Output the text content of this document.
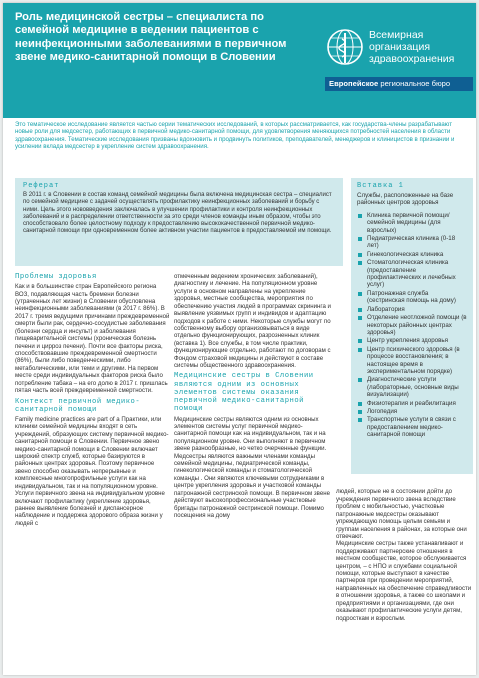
Роль медицинской сестры – специалиста по семейной медицине в ведении пациентов с неинфекционными заболеваниями в первичном звене медико-санитарной помощи в Словении
Всемирная организация здравоохранения
Европейское региональное бюро
Это тематическое исследование является частью серии тематических исследований, в которых рассматривается, как государства-члены разрабатывают новые роли для медсестер, работающих в первичной медико-санитарной помощи, для удовлетворения меняющихся потребностей населения в области здравоохранения. Тематические исследования призваны вдохновить и продвинуть политиков, преподавателей, менеджеров и клиницистов в признании и усилении вклада медсестер в укрепление систем здравоохранения.
Реферат
В 2011 г. в Словении в состав команд семейной медицины была включена медицинская сестра – специалист по семейной медицине с задачей осуществлять профилактику неинфекционных заболеваний и борьбу с ними. Цель этого нововведения заключалась в улучшении профилактики и контроля неинфекционных заболеваний и в распределении ответственности за это среди членов команды иным образом, чтобы это способствовало более целостному подходу к предоставлению высококачественной первичной медико-санитарной помощи при одновременном более активном участии пациентов в предоставляемой им помощи.
Вставка 1
Службы, расположенные на базе районных центров здоровья
Клиника первичной помощи/ семейной медицины (для взрослых)
Педиатрическая клиника (0-18 лет)
Гинекологическая клиника
Стоматологическая клиника (предоставление профилактических и лечебных услуг)
Патронажная служба (сестринская помощь на дому)
Лаборатория
Отделение неотложной помощи (в некоторых районных центрах здоровья)
Центр укрепления здоровья
Центр психического здоровья (в процессе восстановления; в настоящее время в экспериментальном порядке)
Диагностические услуги (лабораторные, основные виды визуализации)
Физиотерапия и реабилитация
Логопедия
Транспортные услуги в связи с предоставлением медико-санитарной помощи
Проблемы здоровья
Как и в большинстве стран Европейского региона ВОЗ, подавляющая часть бремени болезни (утраченных лет жизни) в Словении обусловлена неинфекционными заболеваниями (в 2017 г. 86%). В 2017 г. тремя ведущими причинами преждевременной смерти были рак, сердечно-сосудистые заболевания (болезни сердца и инсульт) и заболевания пищеварительной системы (хроническая болезнь печени и цирроз печени). Почти все факторы риска, способствовавшие преждевременной смертности (86%), были либо поведенческими, либо метаболическими, или теми и другими. На первом месте среди индивидуальных факторов риска было потребление табака – на его долю в 2017 г. пришлась пятая часть всей преждевременной смертности.
Контекст первичной медико-санитарной помощи
Family medicine practices are part of a Практики, или клиники семейной медицины входят в сеть учреждений, образующих систему первичной медико-санитарной помощи в Словении. Первичное звено медико-санитарной помощи в Словении включает широкий спектр служб, которые базируются в районных центрах здоровья. Поэтому первичное звено способно оказывать непрерывные и комплексные многопрофильные услуги как на индивидуальном, так и на популяционном уровне. Услуги первичного звена на индивидуальном уровне включают профилактику (укрепление здоровья, раннее выявление болезней и диспансерное наблюдение и поддержка здорового образа жизни у людей с
отмеченным ведением хронических заболеваний), диагностику и лечение. На популяционном уровне услуги в основном направлены на укрепление здоровья, местные сообщества, мероприятия по обеспечению участия людей в программах скрининга и выявление уязвимых групп и индивидов и адаптацию подходов к работе с ними. Некоторые службы могут по собственному выбору организовываться в виде отдельно функционирующих, разрозненных клиник (вставка 1). Все службы, в том числе практики, функционирующие отдельно, работают по договорам с Фондом страховой медицины и действуют в составе системы общественного здравоохранения.
Медицинские сестры в Словении являются одним из основных элементов системы оказания первичной медико-санитарной помощи
Медицинские сестры являются одним из основных элементов системы услуг первичной медико-санитарной помощи как на индивидуальном, так и на популяционном уровне. Они выполняют в первичном звене разнообразные, но четко очерченные функции. Медсестры являются важными членами команды семейной медицины, педиатрической команды, гинекологической команды и стоматологической команды . Они являются ключевыми сотрудниками в центре укрепления здоровья и участковой команды патронажной сестринской помощи. В первичном звене действуют высокопрофессиональные участковые бригады патронажной сестринской помощи. Помимо посещения на дому

людей, которые не в состоянии дойти до учреждения первичного звена вследствие проблем с мобильностью, участковые патронажные медсестры оказывают упреждающую помощь целым семьям и группам населения в районах, за которые они отвечают.
Медицинские сестры также устанавливают и поддерживают партнерские отношения в местном сообществе, которое обслуживается центром, – с НПО и службами социальной помощи, которые выступают в качестве партнеров при проведении мероприятий, направленных на обеспечение справедливости в отношении здоровья, а также со школами и предприятиями и организациями, где они оказывают профилактические услуги детям, подросткам и взрослым.
